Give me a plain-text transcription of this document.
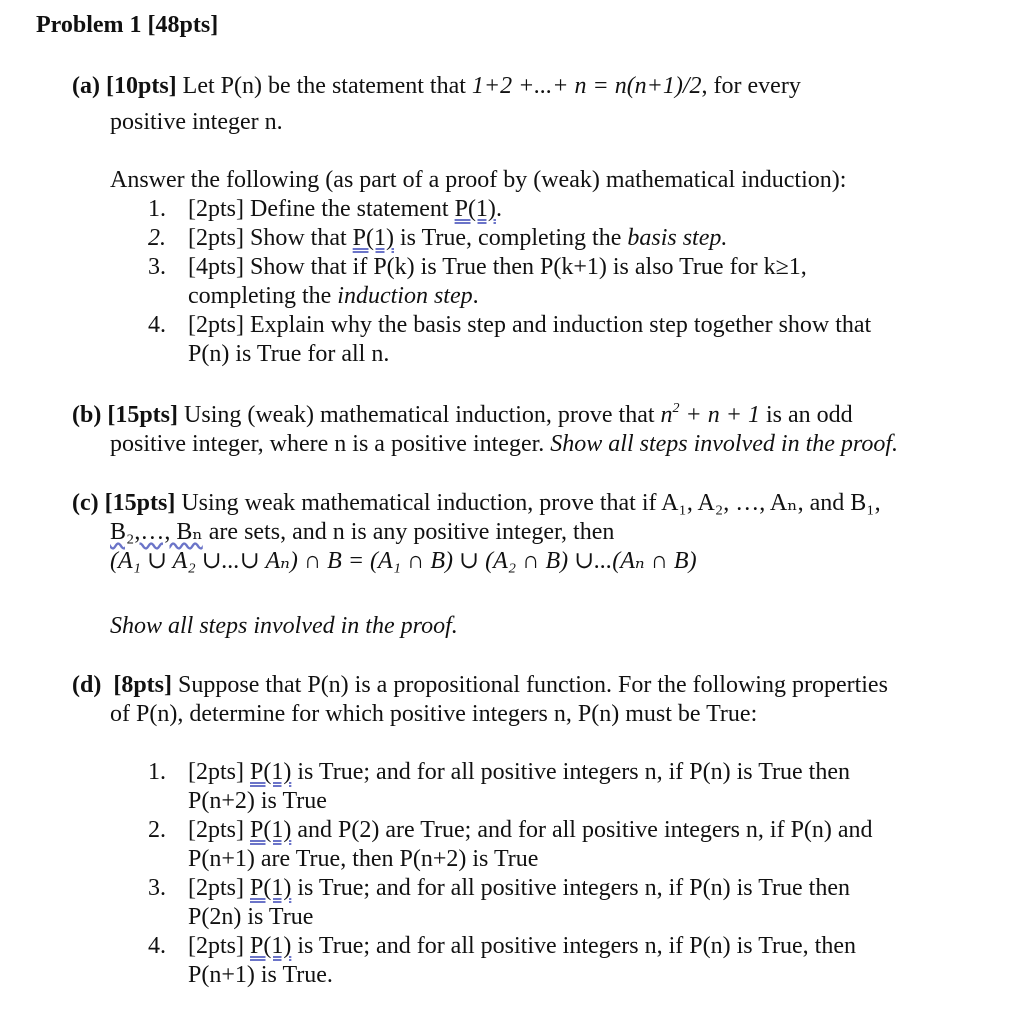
Problem 1 [48pts]
(a) [10pts] Let P(n) be the statement that 1+2 +...+ n = n(n+1)/2, for every
positive integer n.
Answer the following (as part of a proof by (weak) mathematical induction):
1. [2pts] Define the statement P(1).
2. [2pts] Show that P(1) is True, completing the basis step.
3. [4pts] Show that if P(k) is True then P(k+1) is also True for k≥1,
completing the induction step.
4. [2pts] Explain why the basis step and induction step together show that
P(n) is True for all n.
(b) [15pts] Using (weak) mathematical induction, prove that $n^2 + n + 1$ is an odd
positive integer, where n is a positive integer. Show all steps involved in the proof.
(c) [15pts] Using weak mathematical induction, prove that if A₁, A₂, …, Aₙ, and B₁,
B₂,…, Bₙ are sets, and n is any positive integer, then
(A₁ ∪ A₂ ∪...∪ Aₙ) ∩ B = (A₁ ∩ B) ∪ (A₂ ∩ B) ∪...(Aₙ ∩ B)
Show all steps involved in the proof.
(d) [8pts] Suppose that P(n) is a propositional function. For the following properties
of P(n), determine for which positive integers n, P(n) must be True:
1. [2pts] P(1) is True; and for all positive integers n, if P(n) is True then
P(n+2) is True
2. [2pts] P(1) and P(2) are True; and for all positive integers n, if P(n) and
P(n+1) are True, then P(n+2) is True
3. [2pts] P(1) is True; and for all positive integers n, if P(n) is True then
P(2n) is True
4. [2pts] P(1) is True; and for all positive integers n, if P(n) is True, then
P(n+1) is True.
